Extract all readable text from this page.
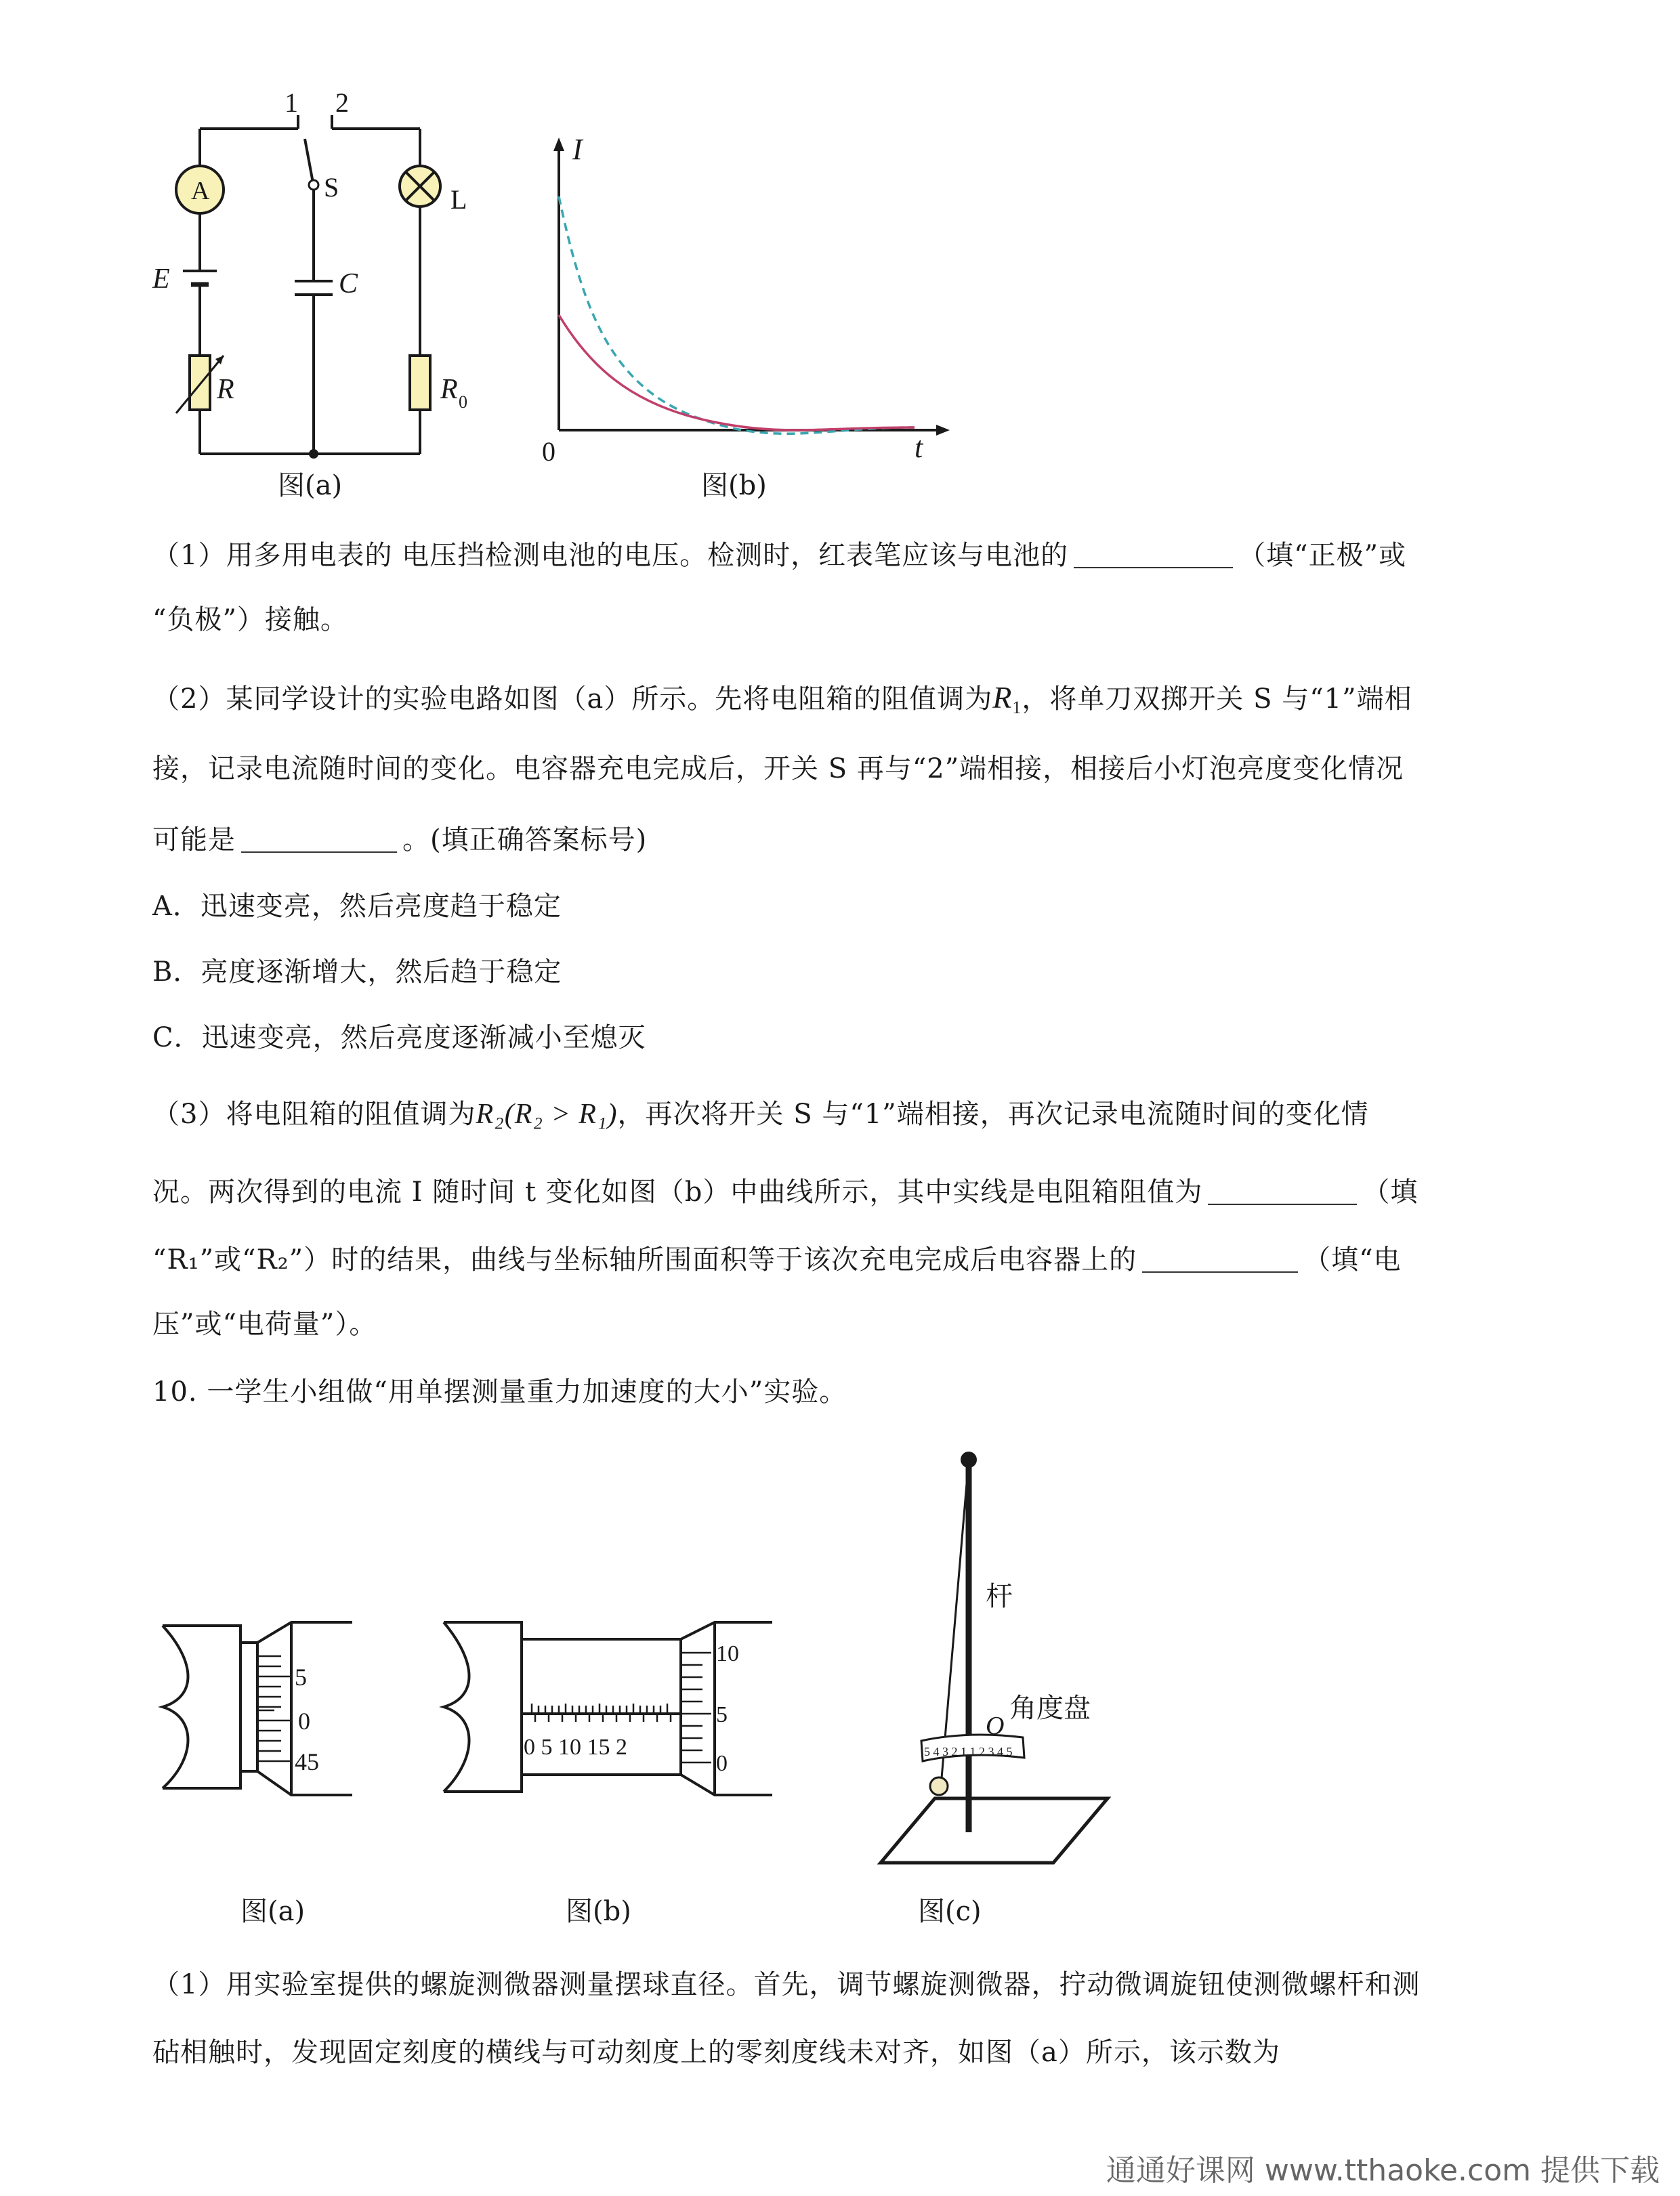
1 2
S
A	L
E	C
R	R 0
图(a)
I
t
0
图(b)
（1）用多用电表的 电压挡检测电池的电压。检测时，红表笔应该与电池的	（填“正极”或
“负极”）接触。
（2）某同学设计的实验电路如图（a）所示。先将电阻箱的阻值调为$R_1$，将单刀双掷开关 S 与“1”端相
接，记录电流随时间的变化。电容器充电完成后，开关 S 再与“2”端相接，相接后小灯泡亮度变化情况
可能是	。(填正确答案标号)
A．迅速变亮，然后亮度趋于稳定
B．亮度逐渐增大，然后趋于稳定
C．迅速变亮，然后亮度逐渐减小至熄灭
（3）将电阻箱的阻值调为R₂(R₂ > R₁)，再次将开关 S 与“1”端相接，再次记录电流随时间的变化情
况。两次得到的电流 I 随时间 t 变化如图（b）中曲线所示，其中实线是电阻箱阻值为	（填
“R₁”或“R₂”）时的结果，曲线与坐标轴所围面积等于该次充电完成后电容器上的	（填“电
压”或“电荷量”）。
10. 一学生小组做“用单摆测量重力加速度的大小”实验。
5
0
45
图(a)
0 5 10 15 2
10
5
0
图(b)
5 4 3 2 1 1 2 3 4 5
杆
O
角度盘
图(c)
（1）用实验室提供的螺旋测微器测量摆球直径。首先，调节螺旋测微器，拧动微调旋钮使测微螺杆和测
砧相触时，发现固定刻度的横线与可动刻度上的零刻度线未对齐，如图（a）所示，该示数为
通通好课网 www.tthaoke.com 提供下载
